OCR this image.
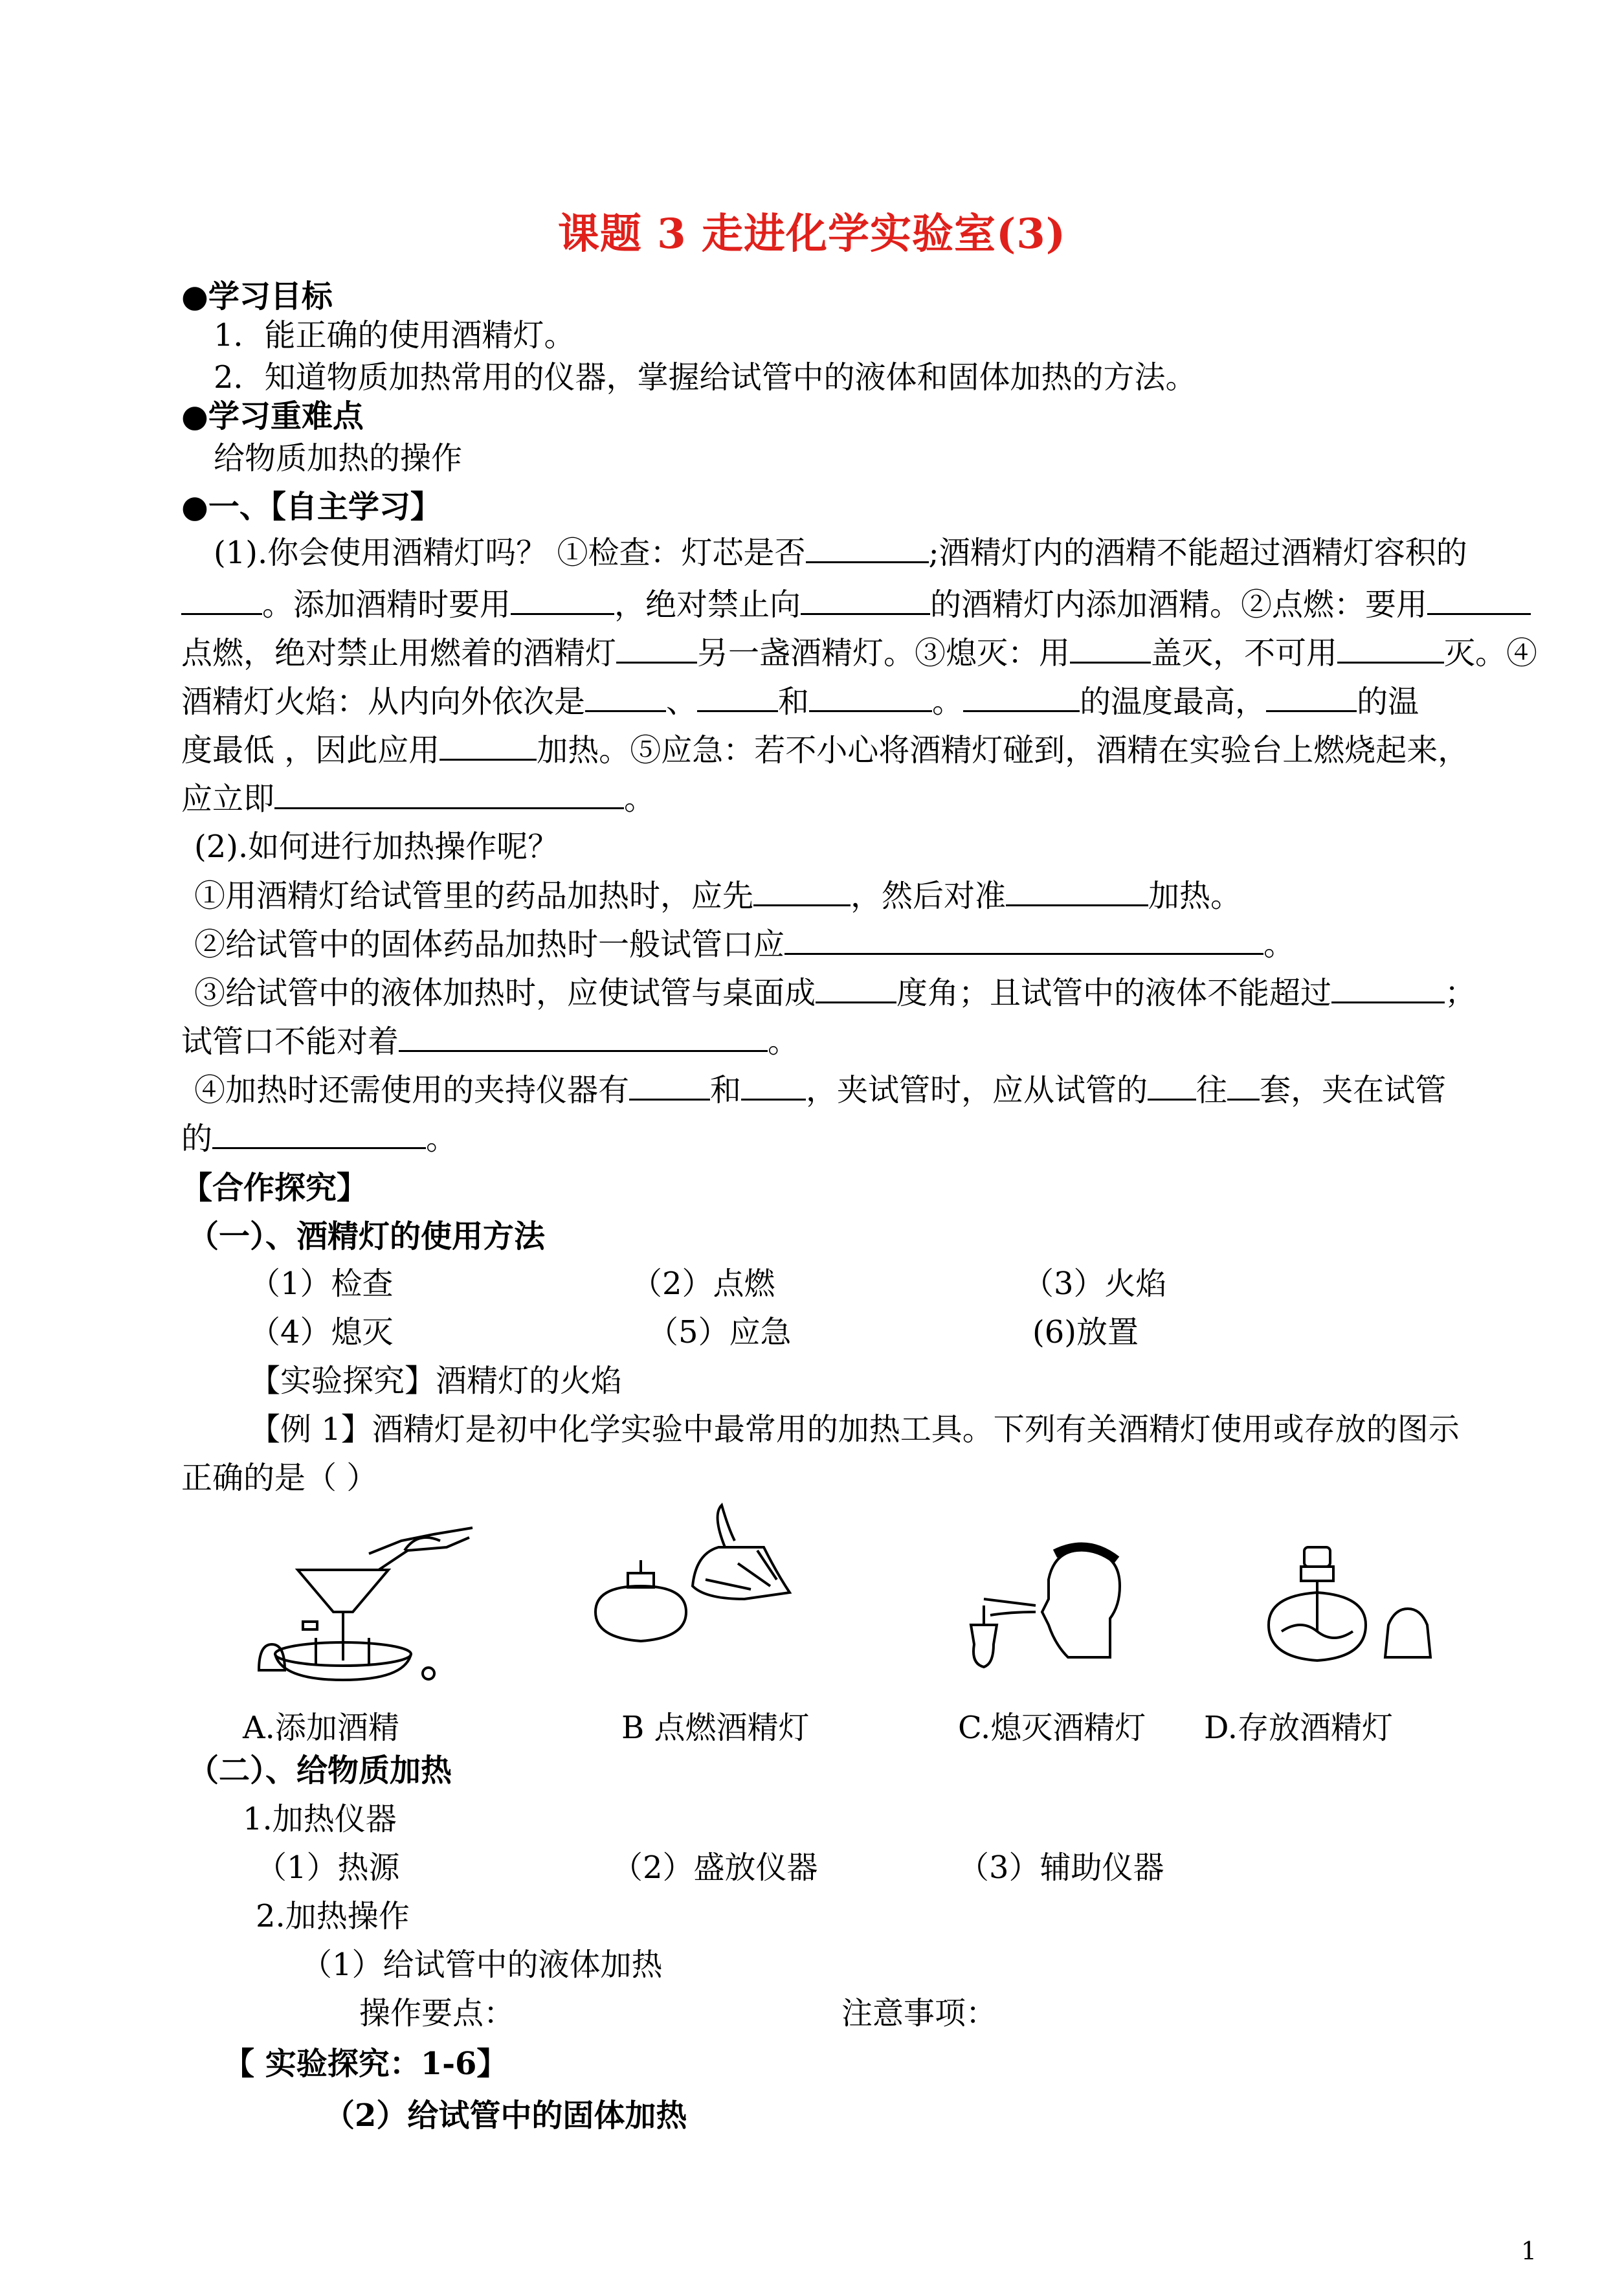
课题 3 走进化学实验室(3)
●学习目标
1．能正确的使用酒精灯。
2．知道物质加热常用的仪器，掌握给试管中的液体和固体加热的方法。
●学习重难点
给物质加热的操作
●一、【自主学习】
(1).你会使用酒精灯吗？ ①检查：灯芯是否	;酒精灯内的酒精不能超过酒精灯容积的
。添加酒精时要用	，绝对禁止向	的酒精灯内添加酒精。②点燃：要用
点燃，绝对禁止用燃着的酒精灯	另一盏酒精灯。③熄灭：用	盖灭，不可用	灭。④
酒精灯火焰：从内向外依次是	、	和	。	的温度最高，	的温
度最低 ，因此应用	加热。⑤应急：若不小心将酒精灯碰到，酒精在实验台上燃烧起来，
应立即	。
(2).如何进行加热操作呢？
①用酒精灯给试管里的药品加热时，应先	，然后对准	加热。
②给试管中的固体药品加热时一般试管口应	。
③给试管中的液体加热时，应使试管与桌面成	度角；且试管中的液体不能超过	；
试管口不能对着	。
④加热时还需使用的夹持仪器有	和 ，夹试管时，应从试管的 往 套，夹在试管
的	。
【合作探究】
（一）、酒精灯的使用方法
（1）检查	（2）点燃	（3）火焰
（4）熄灭	（5）应急	(6)放置
【实验探究】酒精灯的火焰
【例 1】酒精灯是初中化学实验中最常用的加热工具。下列有关酒精灯使用或存放的图示
正确的是（ ）
A.添加酒精	B 点燃酒精灯	C.熄灭酒精灯 D.存放酒精灯
（二）、给物质加热
1.加热仪器
（1）热源	（2）盛放仪器	（3）辅助仪器
2.加热操作
（1）给试管中的液体加热
操作要点：	注意事项：
【 实验探究：1-6】
（2）给试管中的固体加热
1
